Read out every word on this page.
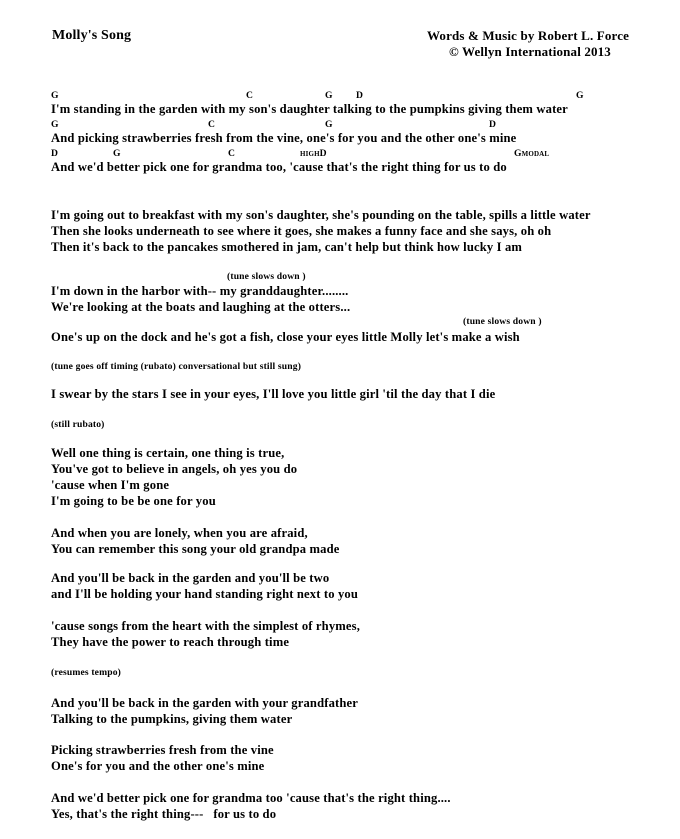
Molly's Song	Words & Music by Robert L. Force
© Wellyn International 2013
G	C	G D	G
I'm standing in the garden with my son's daughter talking to the pumpkins giving them water
G	C	G	D
And picking strawberries fresh from the vine, one's for you and the other one's mine
D	G	C	HIGHD	GMODAL
And we'd better pick one for grandma too, 'cause that's the right thing for us to do
I'm going out to breakfast with my son's daughter, she's pounding on the table, spills a little water
Then she looks underneath to see where it goes, she makes a funny face and she says, oh oh
Then it's back to the pancakes smothered in jam, can't help but think how lucky I am
(tune slows down )
I'm down in the harbor with-- my granddaughter........
We're looking at the boats and laughing at the otters...
(tune slows down )
One's up on the dock and he's got a fish, close your eyes little Molly let's make a wish
(tune goes off timing (rubato) conversational but still sung)
I swear by the stars I see in your eyes, I'll love you little girl 'til the day that I die
(still rubato)
Well one thing is certain, one thing is true,
You've got to believe in angels, oh yes you do
'cause when I'm gone
I'm going to be be one for you
And when you are lonely, when you are afraid,
You can remember this song your old grandpa made
And you'll be back in the garden and you'll be two
and I'll be holding your hand standing right next to you
'cause songs from the heart with the simplest of rhymes,
They have the power to reach through time
(resumes tempo)
And you'll be back in the garden with your grandfather
Talking to the pumpkins, giving them water
Picking strawberries fresh from the vine
One's for you and the other one's mine
And we'd better pick one for grandma too 'cause that's the right thing....
Yes, that's the right thing---   for us to do
